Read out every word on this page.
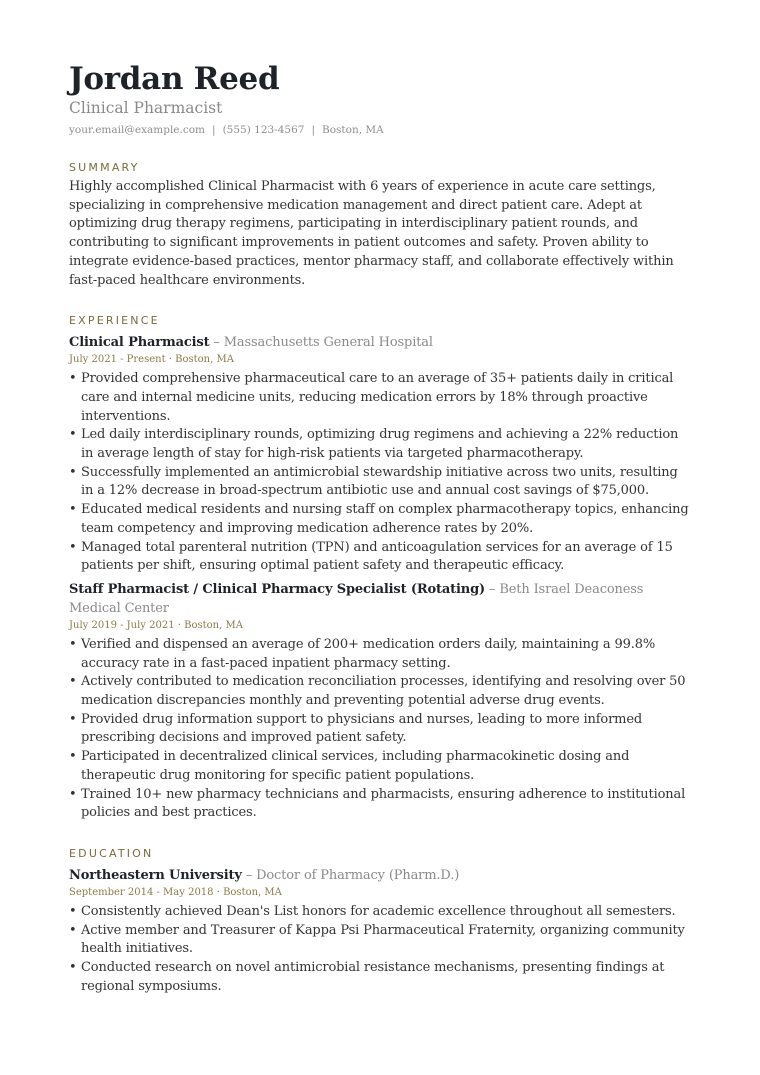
Jordan Reed

Clinical Pharmacist

your.email@example.com | (555) 123-4567 | Boston, MA

SUMMARY

Highly accomplished Clinical Pharmacist with 6 years of experience in acute care settings, specializing in comprehensive medication management and direct patient care. Adept at optimizing drug therapy regimens, participating in interdisciplinary patient rounds, and contributing to significant improvements in patient outcomes and safety. Proven ability to integrate evidence-based practices, mentor pharmacy staff, and collaborate effectively within fast-paced healthcare environments.

EXPERIENCE

Clinical Pharmacist – Massachusetts General Hospital

July 2021 - Present · Boston, MA

• Provided comprehensive pharmaceutical care to an average of 35+ patients daily in critical care and internal medicine units, reducing medication errors by 18% through proactive interventions.
• Led daily interdisciplinary rounds, optimizing drug regimens and achieving a 22% reduction in average length of stay for high-risk patients via targeted pharmacotherapy.
• Successfully implemented an antimicrobial stewardship initiative across two units, resulting in a 12% decrease in broad-spectrum antibiotic use and annual cost savings of $75,000.
• Educated medical residents and nursing staff on complex pharmacotherapy topics, enhancing team competency and improving medication adherence rates by 20%.
• Managed total parenteral nutrition (TPN) and anticoagulation services for an average of 15 patients per shift, ensuring optimal patient safety and therapeutic efficacy.

Staff Pharmacist / Clinical Pharmacy Specialist (Rotating) – Beth Israel Deaconess Medical Center

July 2019 - July 2021 · Boston, MA

• Verified and dispensed an average of 200+ medication orders daily, maintaining a 99.8% accuracy rate in a fast-paced inpatient pharmacy setting.
• Actively contributed to medication reconciliation processes, identifying and resolving over 50 medication discrepancies monthly and preventing potential adverse drug events.
• Provided drug information support to physicians and nurses, leading to more informed prescribing decisions and improved patient safety.
• Participated in decentralized clinical services, including pharmacokinetic dosing and therapeutic drug monitoring for specific patient populations.
• Trained 10+ new pharmacy technicians and pharmacists, ensuring adherence to institutional policies and best practices.
EDUCATION

Northeastern University – Doctor of Pharmacy (Pharm.D.)

September 2014 - May 2018 · Boston, MA

• Consistently achieved Dean's List honors for academic excellence throughout all semesters.
• Active member and Treasurer of Kappa Psi Pharmaceutical Fraternity, organizing community health initiatives.
• Conducted research on novel antimicrobial resistance mechanisms, presenting findings at regional symposiums.
